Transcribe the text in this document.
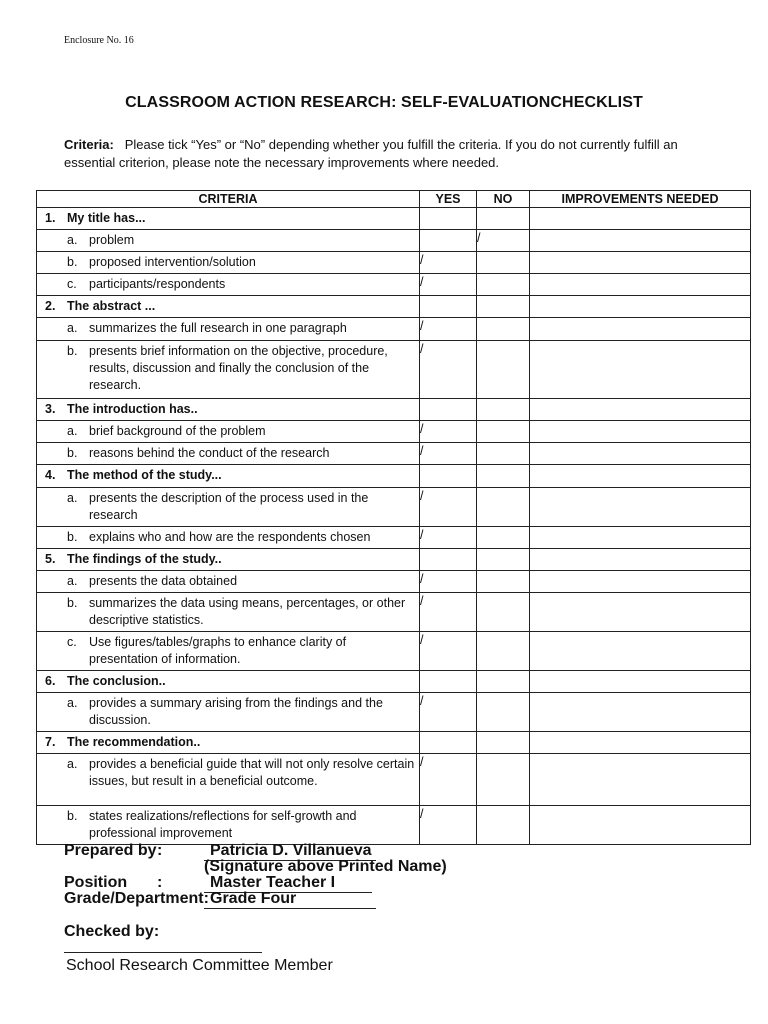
Enclosure No. 16
CLASSROOM ACTION RESEARCH: SELF-EVALUATIONCHECKLIST
Criteria: Please tick “Yes” or “No” depending whether you fulfill the criteria. If you do not currently fulfill an essential criterion, please note the necessary improvements where needed.
CRITERIA	YES	NO	IMPROVEMENTS NEEDED

1. My title has...			

a. problem		/	

b. proposed intervention/solution	/		

c. participants/respondents	/		

2. The abstract ...			

a. summarizes the full research in one paragraph	/		

b. presents brief information on the objective, procedure, results, discussion and finally the conclusion of the research.	/		

3. The introduction has..			

a. brief background of the problem	/		

b. reasons behind the conduct of the research	/		

4. The method of the study...			

a. presents the description of the process used in the research	/		

b. explains who and how are the respondents chosen	/		

5. The findings of the study..			

a. presents the data obtained	/		

b. summarizes the data using means, percentages, or other descriptive statistics.	/		

c. Use figures/tables/graphs to enhance clarity of presentation of information.	/		

6. The conclusion..			

a. provides a summary arising from the findings and the discussion.	/		

7. The recommendation..			

a. provides a beneficial guide that will not only resolve certain issues, but result in a beneficial outcome.	/		

b. states realizations/reflections for self-growth and professional improvement	/		
Prepared by :	Patricia D. Villanueva
(Signature above Printed Name)
Position :	Master Teacher I
Grade/Department: Grade Four
Checked by:
School Research Committee Member
